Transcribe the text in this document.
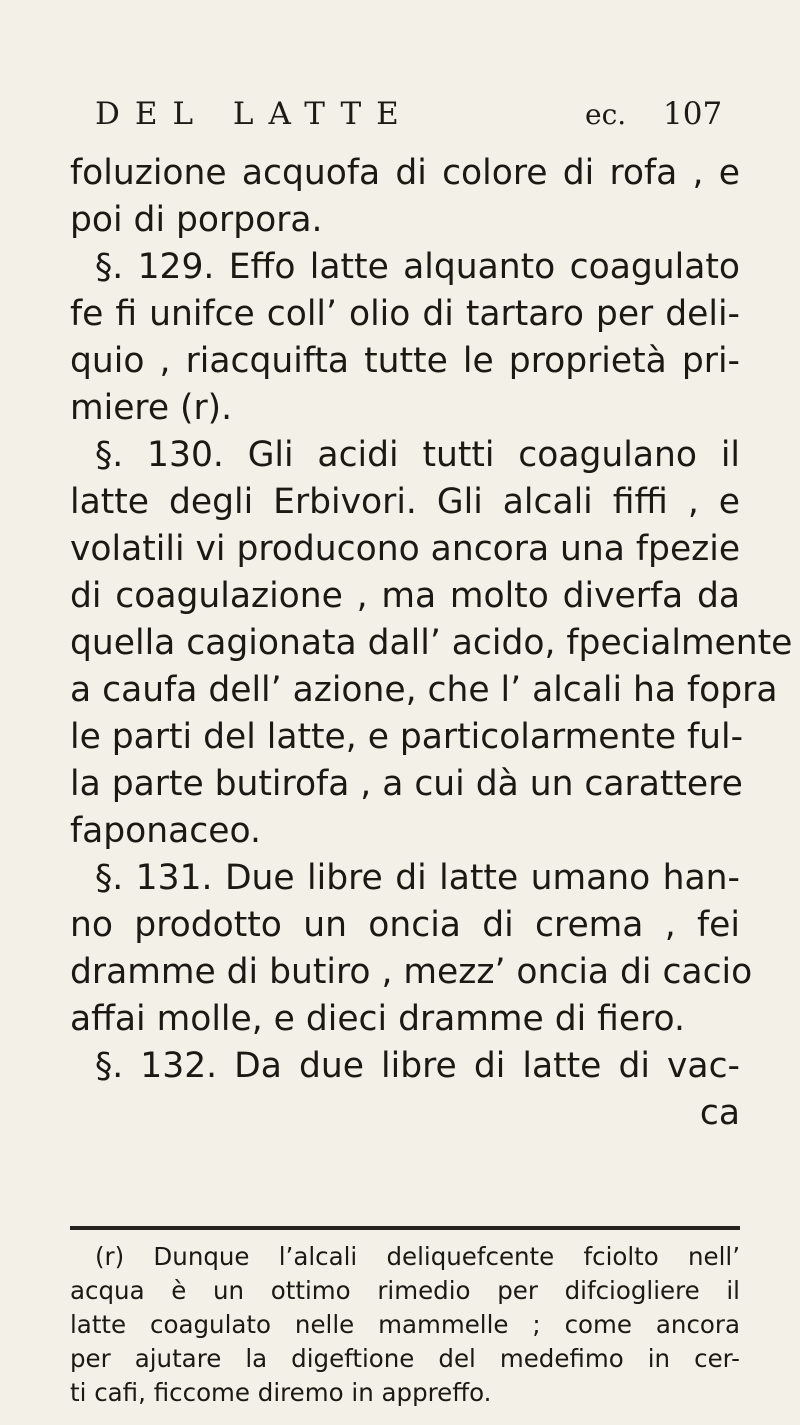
DEL LATTE	ec. 107
foluzione acquofa di colore di rofa , e
poi di porpora.
§. 129. Effo latte alquanto coagulato
fe fi unifce coll’ olio di tartaro per deli-
quio , riacquifta tutte le proprietà pri-
miere (r).
§. 130. Gli acidi tutti coagulano il
latte degli Erbivori. Gli alcali fiffi , e
volatili vi producono ancora una fpezie
di coagulazione , ma molto diverfa da
quella cagionata dall’ acido, fpecialmente
a caufa dell’ azione, che l’ alcali ha fopra
le parti del latte, e particolarmente ful-
la parte butirofa , a cui dà un carattere
faponaceo.
§. 131. Due libre di latte umano han-
no prodotto un oncia di crema , fei
dramme di butiro , mezz’ oncia di cacio
affai molle, e dieci dramme di fiero.
§. 132. Da due libre di latte di vac-
ca
(r) Dunque l’alcali deliquefcente fciolto nell’
acqua è un ottimo rimedio per difciogliere il
latte coagulato nelle mammelle ; come ancora
per ajutare la digeftione del medefimo in cer-
ti cafi, ficcome diremo in appreffo.
